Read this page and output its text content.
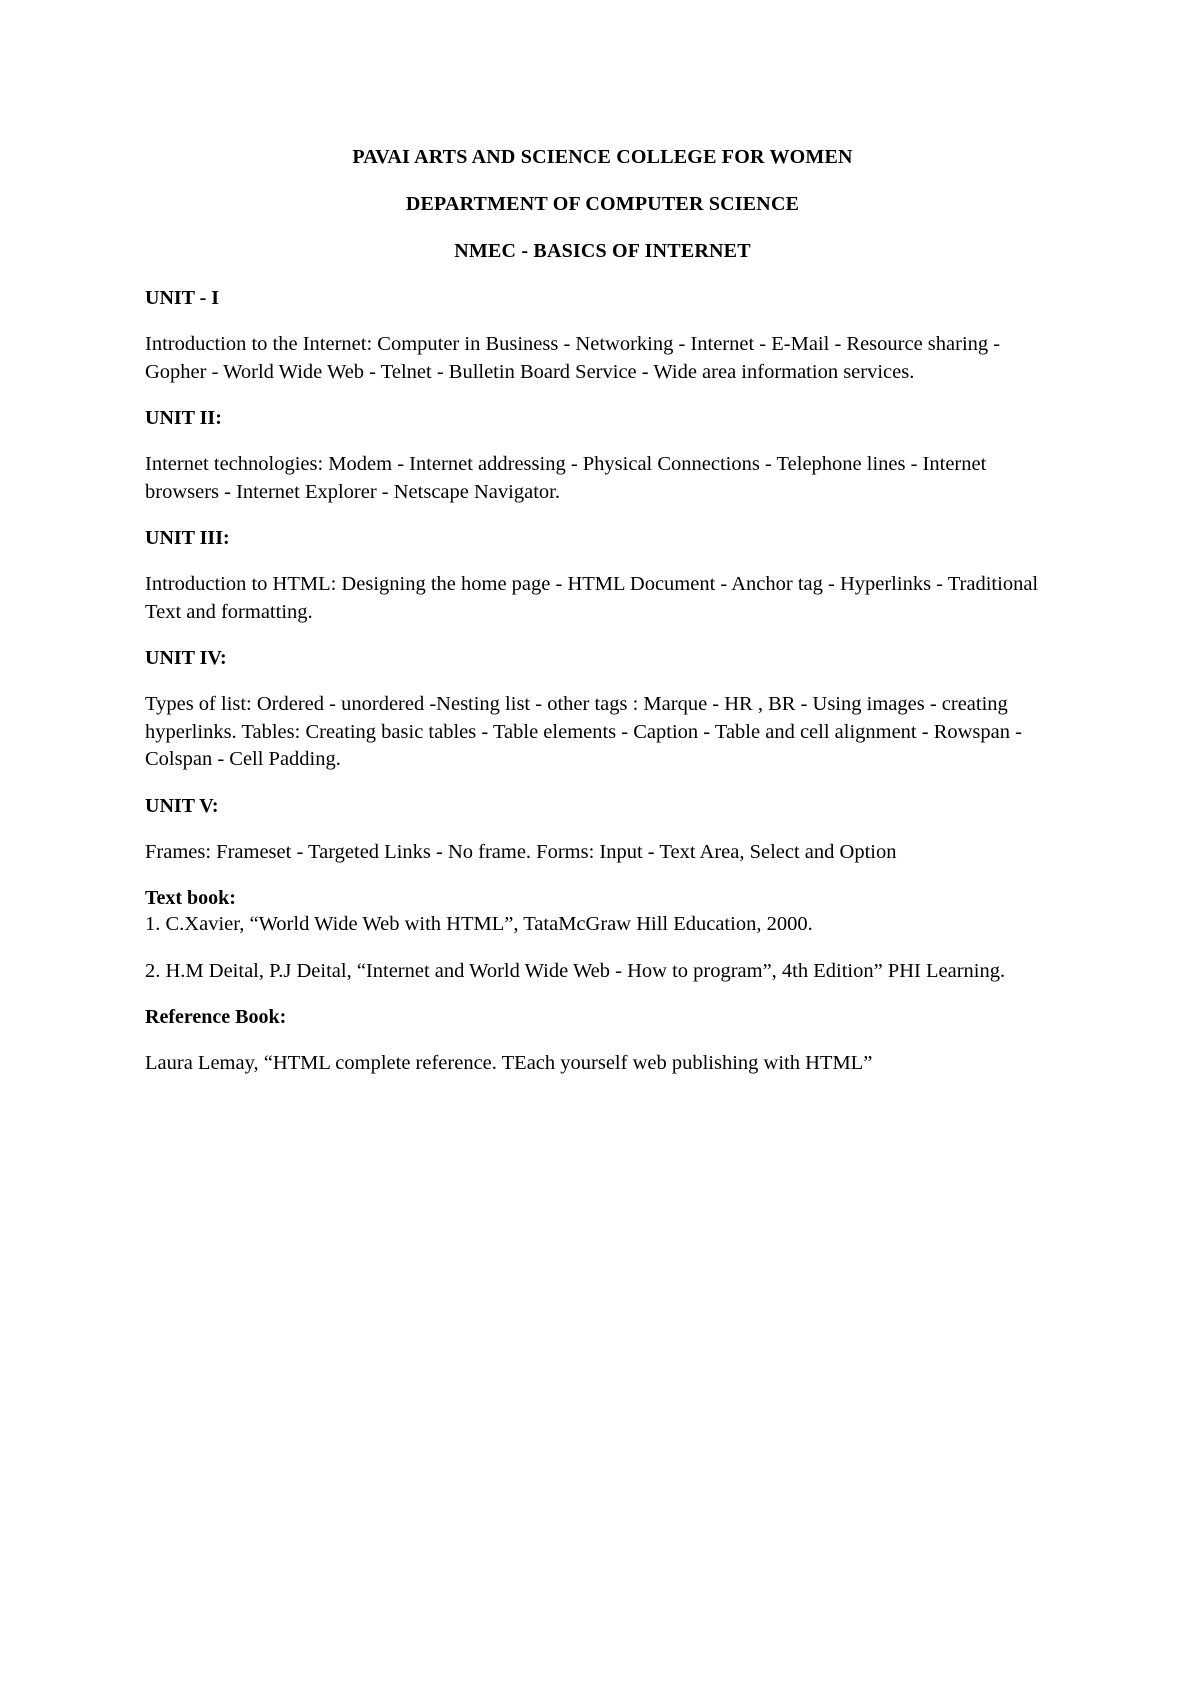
PAVAI ARTS AND SCIENCE COLLEGE FOR WOMEN
DEPARTMENT OF COMPUTER SCIENCE
NMEC - BASICS OF INTERNET
UNIT - I
Introduction to the Internet: Computer in Business - Networking - Internet - E-Mail - Resource sharing - Gopher - World Wide Web - Telnet - Bulletin Board Service - Wide area information services.
UNIT II:
Internet technologies: Modem - Internet addressing - Physical Connections - Telephone lines - Internet browsers - Internet Explorer - Netscape Navigator.
UNIT III:
Introduction to HTML: Designing the home page - HTML Document - Anchor tag - Hyperlinks - Traditional Text and formatting.
UNIT IV:
Types of list: Ordered - unordered -Nesting list - other tags : Marque - HR , BR - Using images - creating hyperlinks. Tables: Creating basic tables - Table elements - Caption - Table and cell alignment - Rowspan - Colspan - Cell Padding.
UNIT V:
Frames: Frameset - Targeted Links - No frame. Forms: Input - Text Area, Select and Option
Text book:
1. C.Xavier, “World Wide Web with HTML”, TataMcGraw Hill Education, 2000.
2. H.M Deital, P.J Deital, “Internet and World Wide Web - How to program”, 4th Edition” PHI Learning.
Reference Book:
Laura Lemay, “HTML complete reference. TEach yourself web publishing with HTML”
